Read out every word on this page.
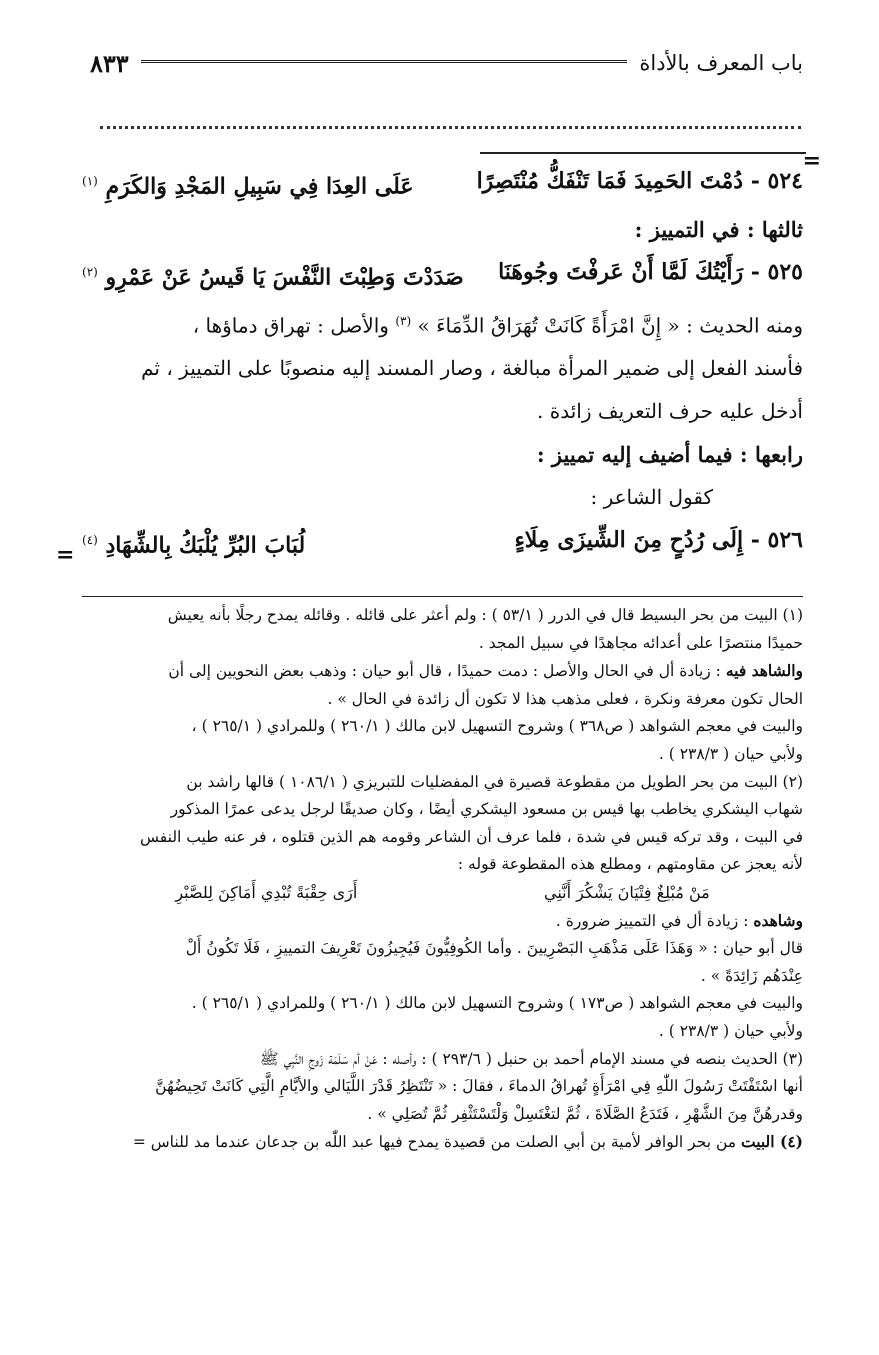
باب المعرف بالأداة
٨٣٣
=
=
٥٢٤ - دُمْتَ الحَمِيدَ فَمَا تَنْفَكُّ مُنْتَصِرًا
عَلَى العِدَا فِي سَبِيلِ المَجْدِ وَالكَرَمِ $^{(١)}$
ثالثها : في التمييز :
٥٢٥ - رَأَيْتُكَ لَمَّا أَنْ عَرفْتَ وجُوهَنَا
صَدَدْتَ وَطِبْتَ النَّفْسَ يَا قَيسُ عَنْ عَمْرِو $^{(٢)}$
ومنه الحديث : « إِنَّ امْرَأَةً كَانَتْ تُهَرَاقُ الدِّمَاءَ » $^{(٣)}$ والأصل : تهراق دماؤها ،
فأسند الفعل إلى ضمير المرأة مبالغة ، وصار المسند إليه منصوبًا على التمييز ، ثم
أدخل عليه حرف التعريف زائدة .
رابعها : فيما أضيف إليه تمييز :
كقول الشاعر :
٥٢٦ - إِلَى رُدُحٍ مِنَ الشِّيزَى مِلَاءٍ
لُبَابَ البُرِّ يُلْبَكُ بِالشِّهَادِ $^{(٤)}$

(١) البيت من بحر البسيط قال في الدرر ( ٥٣/١ ) : ولم أعثر على قائله . وقائله يمدح رجلًا بأنه يعيش

حميدًا منتصرًا على أعدائه مجاهدًا في سبيل المجد .

والشاهد فيه : زيادة أل في الحال والأصل : دمت حميدًا ، قال أبو حيان : وذهب بعض النحويين إلى أن

الحال تكون معرفة ونكرة ، فعلى مذهب هذا لا تكون أل زائدة في الحال » .

والبيت في معجم الشواهد ( ص٣٦٨ ) وشروح التسهيل لابن مالك ( ٢٦٠/١ ) وللمرادي ( ٢٦٥/١ ) ،

ولأبي حيان ( ٢٣٨/٣ ) .

(٢) البيت من بحر الطويل من مقطوعة قصيرة في المفضليات للتبريزي ( ١٠٨٦/١ ) قالها راشد بن

شهاب اليشكري يخاطب بها قيس بن مسعود اليشكري أيضًا ، وكان صديقًا لرجل يدعى عمرًا المذكور

في البيت ، وقد تركه قيس في شدة ، فلما عرف أن الشاعر وقومه هم الذين قتلوه ، فر عنه طيب النفس

لأنه يعجز عن مقاومتهم ، ومطلع هذه المقطوعة قوله :

مَنْ مُبْلِغٌ فِتْيَانَ يَشْكُرَ أَنَّنِي
أَرَى حِقْبَةً تُبْدِي أَمَاكِنَ لِلصَّبْرِ

وشاهده : زيادة أل في التمييز ضرورة .

قال أبو حيان : « وَهَذَا عَلَى مَذْهَبِ البَصْرِيينَ . وأما الكُوفِيُّونَ فَيُجِيزُونَ تَعْرِيفَ التمييزِ ، فَلَا تَكُونُ أَلْ

عِنْدَهُم زَائِدَةً » .

والبيت في معجم الشواهد ( ص١٧٣ ) وشروح التسهيل لابن مالك ( ٢٦٠/١ ) وللمرادي ( ٢٦٥/١ ) .

ولأبي حيان ( ٢٣٨/٣ ) .

(٣) الحديث بنصه في مسند الإمام أحمد بن حنبل ( ٢٩٣/٦ ) : وأصله : عَنْ أم سَلَمَة زَوجِ النَّبِي ﷺ

أنها اسْتَفْتَتْ رَسُولَ اللّٰهِ فِي امْرَأَةٍ تُهراقُ الدماءَ ، فقالَ : « تَنْتَظِرُ قَدْرَ اللَّيَالي والأيَّامِ الَّتِي كَانَتْ تَحِيضُهُنَّ

وقدرهُنَّ مِنَ الشَّهْرِ ، فَتَدَعُ الصَّلَاةَ ، ثُمَّ لتغْتَسِلْ وَلْتَسْتَثْفِر ثُمَّ تُصَلِي » .

(٤) البيت من بحر الوافر لأمية بن أبي الصلت من قصيدة يمدح فيها عبد اللّٰه بن جدعان عندما مد للناس =
